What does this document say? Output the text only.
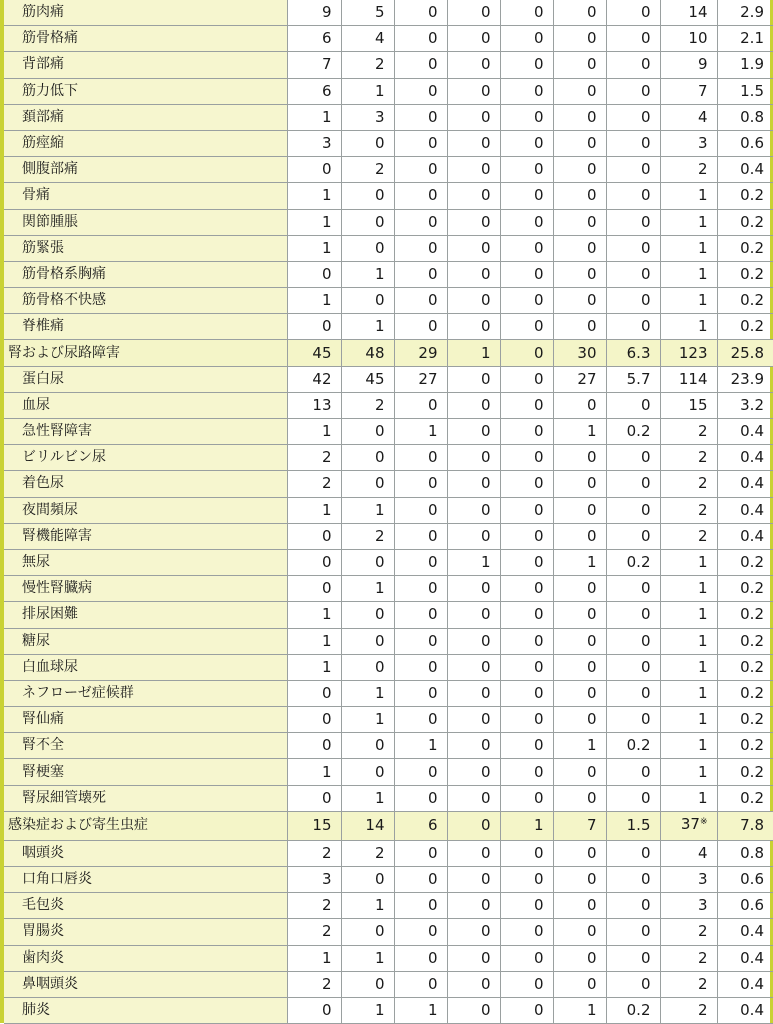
筋肉痛	9	5	0	0	0	0	0	14	2.9
筋骨格痛	6	4	0	0	0	0	0	10	2.1
背部痛	7	2	0	0	0	0	0	9	1.9
筋力低下	6	1	0	0	0	0	0	7	1.5
頚部痛	1	3	0	0	0	0	0	4	0.8
筋痙縮	3	0	0	0	0	0	0	3	0.6
側腹部痛	0	2	0	0	0	0	0	2	0.4
骨痛	1	0	0	0	0	0	0	1	0.2
関節腫脹	1	0	0	0	0	0	0	1	0.2
筋緊張	1	0	0	0	0	0	0	1	0.2
筋骨格系胸痛	0	1	0	0	0	0	0	1	0.2
筋骨格不快感	1	0	0	0	0	0	0	1	0.2
脊椎痛	0	1	0	0	0	0	0	1	0.2
腎および尿路障害	45	48	29	1	0	30	6.3	123	25.8
蛋白尿	42	45	27	0	0	27	5.7	114	23.9
血尿	13	2	0	0	0	0	0	15	3.2
急性腎障害	1	0	1	0	0	1	0.2	2	0.4
ビリルビン尿	2	0	0	0	0	0	0	2	0.4
着色尿	2	0	0	0	0	0	0	2	0.4
夜間頻尿	1	1	0	0	0	0	0	2	0.4
腎機能障害	0	2	0	0	0	0	0	2	0.4
無尿	0	0	0	1	0	1	0.2	1	0.2
慢性腎臓病	0	1	0	0	0	0	0	1	0.2
排尿困難	1	0	0	0	0	0	0	1	0.2
糖尿	1	0	0	0	0	0	0	1	0.2
白血球尿	1	0	0	0	0	0	0	1	0.2
ネフローゼ症候群	0	1	0	0	0	0	0	1	0.2
腎仙痛	0	1	0	0	0	0	0	1	0.2
腎不全	0	0	1	0	0	1	0.2	1	0.2
腎梗塞	1	0	0	0	0	0	0	1	0.2
腎尿細管壊死	0	1	0	0	0	0	0	1	0.2
感染症および寄生虫症	15	14	6	0	1	7	1.5	37※	7.8
咽頭炎	2	2	0	0	0	0	0	4	0.8
口角口唇炎	3	0	0	0	0	0	0	3	0.6
毛包炎	2	1	0	0	0	0	0	3	0.6
胃腸炎	2	0	0	0	0	0	0	2	0.4
歯肉炎	1	1	0	0	0	0	0	2	0.4
鼻咽頭炎	2	0	0	0	0	0	0	2	0.4
肺炎	0	1	1	0	0	1	0.2	2	0.4
